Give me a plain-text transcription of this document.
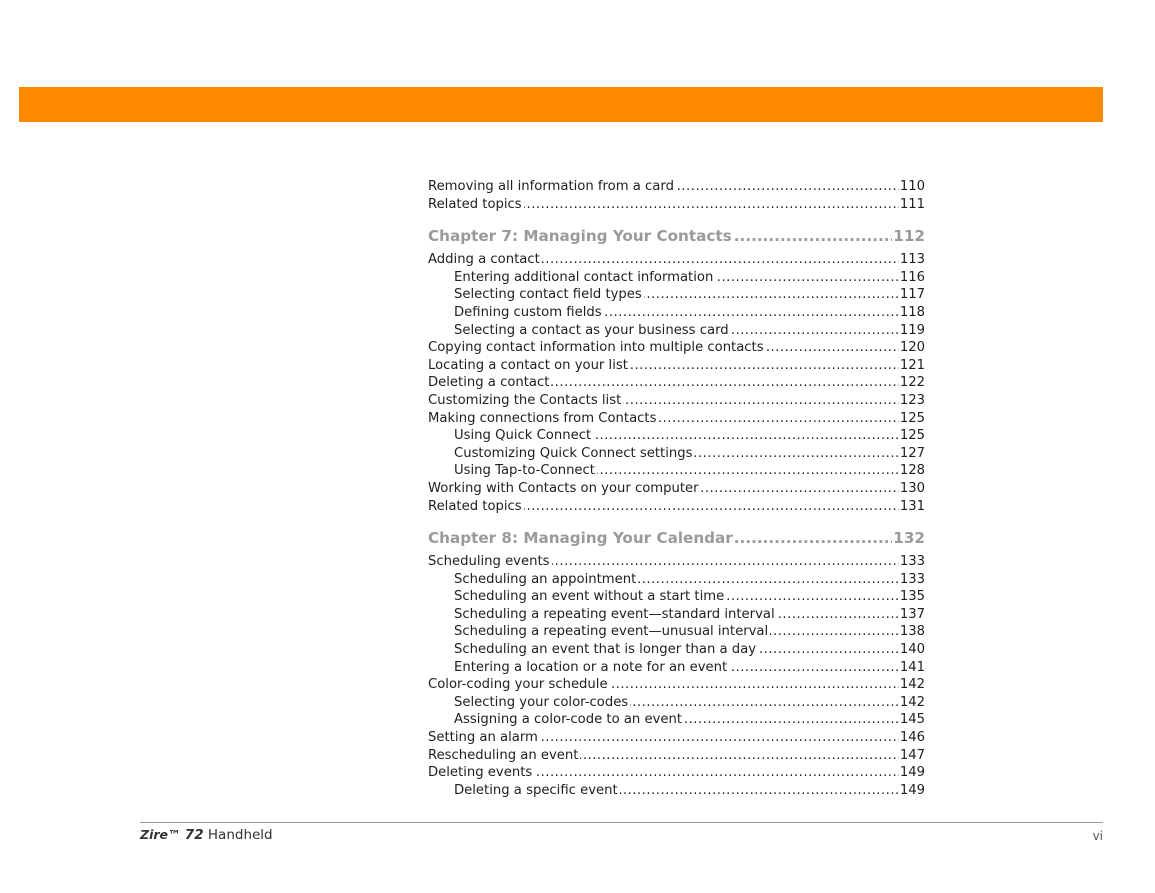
..... Removing all information from a card	110
..... Related topics	111
..... Chapter 7: Managing Your Contacts	112
..... Adding a contact	113
..... Entering additional contact information	116
..... Selecting contact field types	117
..... Defining custom fields	118
..... Selecting a contact as your business card	119
..... Copying contact information into multiple contacts	120
..... Locating a contact on your list	121
..... Deleting a contact	122
..... Customizing the Contacts list	123
..... Making connections from Contacts	125
..... Using Quick Connect	125
..... Customizing Quick Connect settings	127
..... Using Tap-to-Connect	128
..... Working with Contacts on your computer	130
..... Related topics	131
..... Chapter 8: Managing Your Calendar	132
..... Scheduling events	133
..... Scheduling an appointment	133
..... Scheduling an event without a start time	135
..... Scheduling a repeating event—standard interval	137
..... Scheduling a repeating event—unusual interval	138
..... Scheduling an event that is longer than a day	140
..... Entering a location or a note for an event	141
..... Color-coding your schedule	142
..... Selecting your color-codes	142
..... Assigning a color-code to an event	145
..... Setting an alarm	146
..... Rescheduling an event	147
..... Deleting events	149
..... Deleting a specific event	149
Zire™ 72 Handheld	vi
